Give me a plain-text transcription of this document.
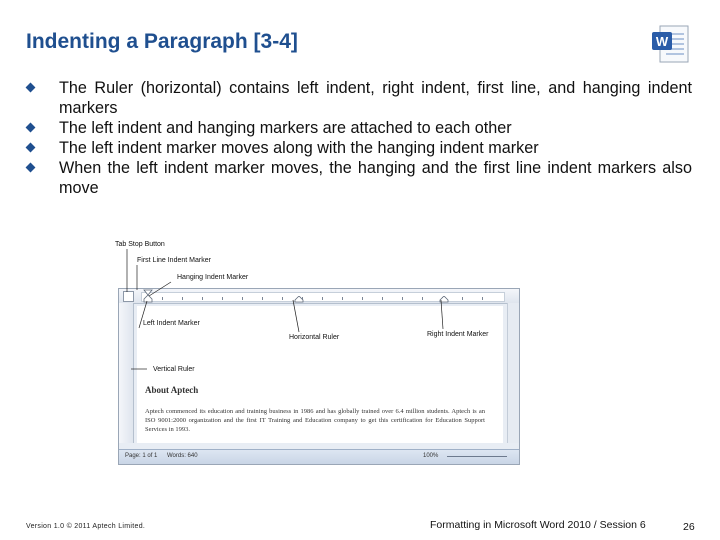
Indenting a Paragraph [3-4]	W
The Ruler (horizontal) contains left indent, right indent, first line, and hanging indent markers
The left indent and hanging markers are attached to each other
The left indent marker moves along with the hanging indent marker
When the left indent marker moves, the hanging and the first line indent markers also move
Tab Stop Button
First Line Indent Marker
Hanging Indent Marker
Left Indent Marker
Horizontal Ruler	Right Indent Marker
Vertical Ruler
About Aptech
Aptech commenced its education and training business in 1986 and has globally trained over 6.4 million students. Aptech is an ISO 9001:2000 organization and the first IT Training and Education company to get this certification for Education Support Services in 1993.
Page: 1 of 1 Words: 640	100%
Version 1.0 © 2011 Aptech Limited.	Formatting in Microsoft Word 2010 / Session 6	26
